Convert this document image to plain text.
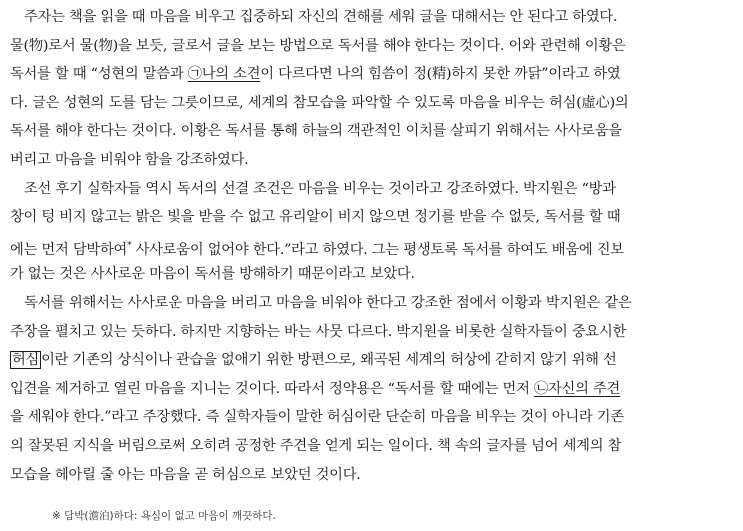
주자는 책을 읽을 때 마음을 비우고 집중하되 자신의 견해를 세워 글을 대해서는 안 된다고 하였다.
물(物)로서 물(物)을 보듯, 글로서 글을 보는 방법으로 독서를 해야 한다는 것이다. 이와 관련해 이황은
독서를 할 때 “성현의 말씀과 ㉠나의 소견이 다르다면 나의 힘씀이 정(精)하지 못한 까닭”이라고 하였
다. 글은 성현의 도를 담는 그릇이므로, 세계의 참모습을 파악할 수 있도록 마음을 비우는 허심(虛心)의
독서를 해야 한다는 것이다. 이황은 독서를 통해 하늘의 객관적인 이치를 살피기 위해서는 사사로움을
버리고 마음을 비워야 함을 강조하였다.
조선 후기 실학자들 역시 독서의 선결 조건은 마음을 비우는 것이라고 강조하였다. 박지원은 “방과
창이 텅 비지 않고는 밝은 빛을 받을 수 없고 유리알이 비지 않으면 정기를 받을 수 없듯, 독서를 할 때
에는 먼저 담박하여* 사사로움이 없어야 한다.”라고 하였다. 그는 평생토록 독서를 하여도 배움에 진보
가 없는 것은 사사로운 마음이 독서를 방해하기 때문이라고 보았다.
독서를 위해서는 사사로운 마음을 버리고 마음을 비워야 한다고 강조한 점에서 이황과 박지원은 같은
주장을 펼치고 있는 듯하다. 하지만 지향하는 바는 사뭇 다르다. 박지원을 비롯한 실학자들이 중요시한
허심 이란 기존의 상식이나 관습을 없애기 위한 방편으로, 왜곡된 세계의 허상에 갇히지 않기 위해 선
입견을 제거하고 열린 마음을 지니는 것이다. 따라서 정약용은 “독서를 할 때에는 먼저 ㉡자신의 주견
을 세워야 한다.”라고 주장했다. 즉 실학자들이 말한 허심이란 단순히 마음을 비우는 것이 아니라 기존
의 잘못된 지식을 버림으로써 오히려 공정한 주견을 얻게 되는 일이다. 책 속의 글자를 넘어 세계의 참
모습을 헤아릴 줄 아는 마음을 곧 허심으로 보았던 것이다.
※ 담박(澹泊)하다: 욕심이 없고 마음이 깨끗하다.
